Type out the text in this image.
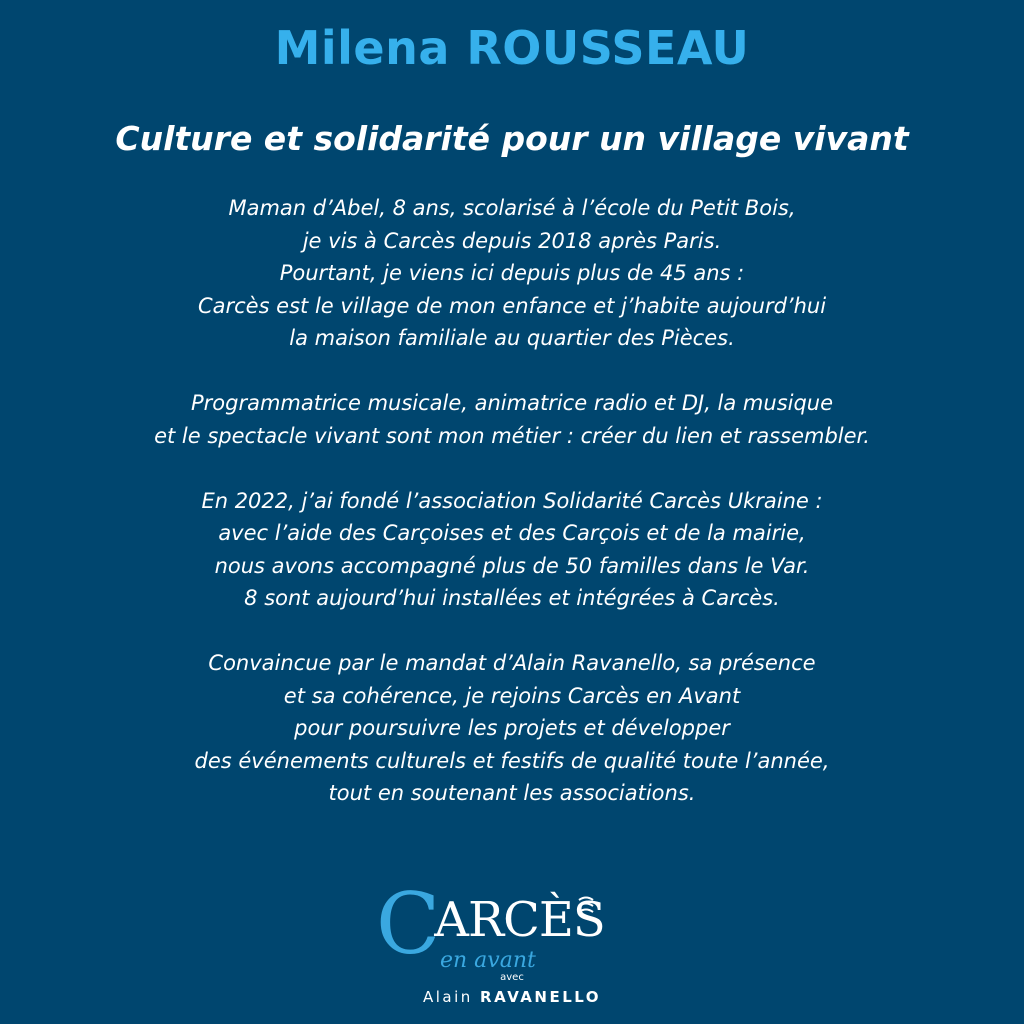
Milena ROUSSEAU
Culture et solidarité pour un village vivant
Maman d’Abel, 8 ans, scolarisé à l’école du Petit Bois,
je vis à Carcès depuis 2018 après Paris.
Pourtant, je viens ici depuis plus de 45 ans :
Carcès est le village de mon enfance et j’habite aujourd’hui
la maison familiale au quartier des Pièces.
Programmatrice musicale, animatrice radio et DJ, la musique
et le spectacle vivant sont mon métier : créer du lien et rassembler.
En 2022, j’ai fondé l’association Solidarité Carcès Ukraine :
avec l’aide des Carçoises et des Carçois et de la mairie,
nous avons accompagné plus de 50 familles dans le Var.
8 sont aujourd’hui installées et intégrées à Carcès.
Convaincue par le mandat d’Alain Ravanello, sa présence
et sa cohérence, je rejoins Carcès en Avant
pour poursuivre les projets et développer
des événements culturels et festifs de qualité toute l’année,
tout en soutenant les associations.
CARCÈS
en avant
avec
Alain RAVANELLO
